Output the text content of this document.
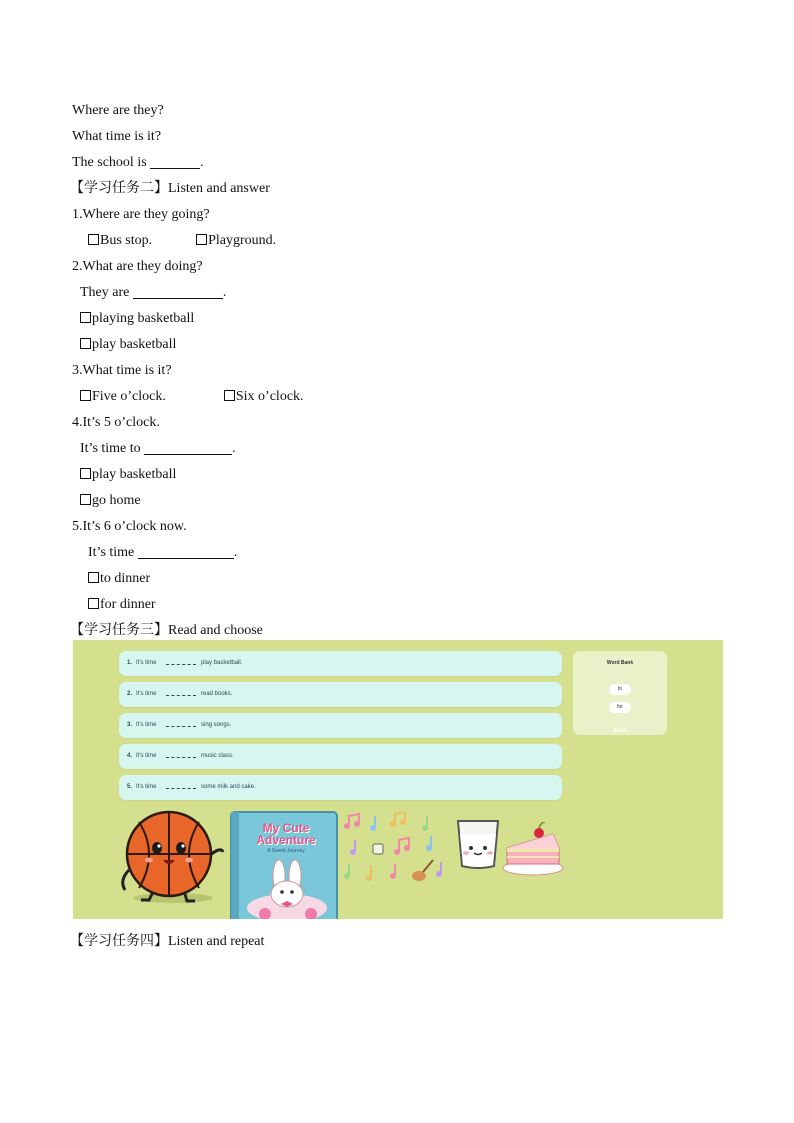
Where are they?
What time is it?
The school is	.
【学习任务二】Listen and answer
1.Where are they going?
Bus stop.	Playground.
2.What are they doing?
They are	.
playing basketball
play basketball
3.What time is it?
Five o’clock.	Six o’clock.
4.It’s 5 o’clock.
It’s time to	.
play basketball
go home
5.It’s 6 o’clock now.
It’s time	.
to dinner
for dinner
【学习任务三】Read and choose
1. It's time	play basketball.
2. It's time	read books.
3. It's time	sing songs.
4. It's time	music class.
5. It's time	some milk and cake.
Word Bank
to
for
Reset
My Cute Adventure
A Sweet Journey
【学习任务四】Listen and repeat
